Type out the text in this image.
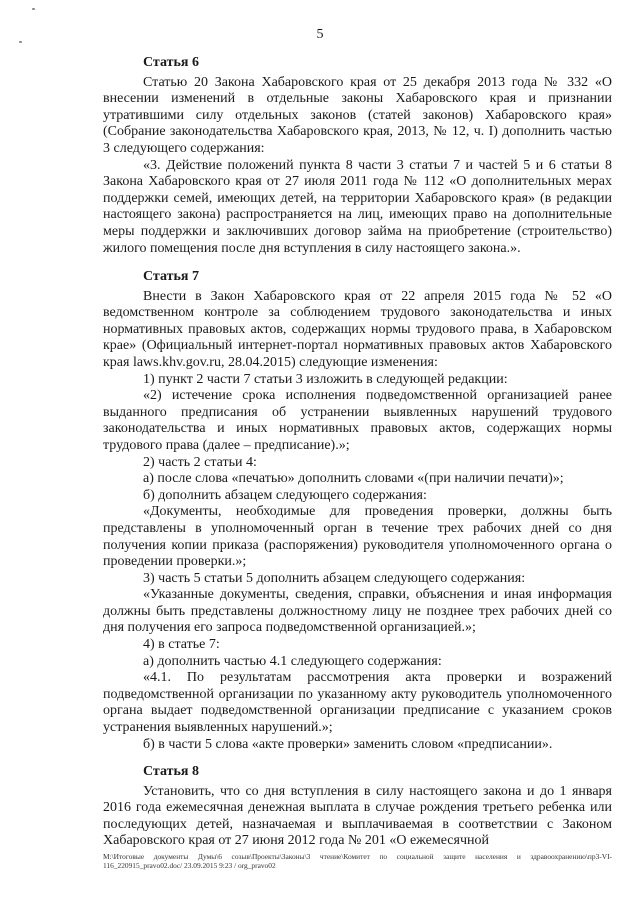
5

Статья 6

Статью 20 Закона Хабаровского края от 25 декабря 2013 года № 332 «О внесении изменений в отдельные законы Хабаровского края и признании утратившими силу отдельных законов (статей законов) Хабаровского края» (Собрание законодательства Хабаровского края, 2013, № 12, ч. I) дополнить частью 3 следующего содержания:

«3. Действие положений пункта 8 части 3 статьи 7 и частей 5 и 6 статьи 8 Закона Хабаровского края от 27 июля 2011 года № 112 «О дополнительных мерах поддержки семей, имеющих детей, на территории Хабаровского края» (в редакции настоящего закона) распространяется на лиц, имеющих право на дополнительные меры поддержки и заключивших договор займа на приобретение (строительство) жилого помещения после дня вступления в силу настоящего закона.».

Статья 7

Внести в Закон Хабаровского края от 22 апреля 2015 года № 52 «О ведомственном контроле за соблюдением трудового законодательства и иных нормативных правовых актов, содержащих нормы трудового права, в Хабаровском крае» (Официальный интернет-портал нормативных правовых актов Хабаровского края laws.khv.gov.ru, 28.04.2015) следующие изменения:

1) пункт 2 части 7 статьи 3 изложить в следующей редакции:

«2) истечение срока исполнения подведомственной организацией ранее выданного предписания об устранении выявленных нарушений трудового законодательства и иных нормативных правовых актов, содержащих нормы трудового права (далее – предписание).»;

2) часть 2 статьи 4:

а) после слова «печатью» дополнить словами «(при наличии печати)»;

б) дополнить абзацем следующего содержания:

«Документы, необходимые для проведения проверки, должны быть представлены в уполномоченный орган в течение трех рабочих дней со дня получения копии приказа (распоряжения) руководителя уполномоченного органа о проведении проверки.»;

3) часть 5 статьи 5 дополнить абзацем следующего содержания:

«Указанные документы, сведения, справки, объяснения и иная информация должны быть представлены должностному лицу не позднее трех рабочих дней со дня получения его запроса подведомственной организацией.»;

4) в статье 7:

а) дополнить частью 4.1 следующего содержания:

«4.1. По результатам рассмотрения акта проверки и возражений подведомственной организации по указанному акту руководитель уполномоченного органа выдает подведомственной организации предписание с указанием сроков устранения выявленных нарушений.»;

б) в части 5 слова «акте проверки» заменить словом «предписании».

Статья 8

Установить, что со дня вступления в силу настоящего закона и до 1 января 2016 года ежемесячная денежная выплата в случае рождения третьего ребенка или последующих детей, назначаемая и выплачиваемая в соответствии с Законом Хабаровского края от 27 июня 2012 года № 201 «О ежемесячной

M:\Итоговые документы Думы\6 созыв\Проекты\Законы\3 чтение\Комитет по социальной защите населения и здравоохранению\пр3-VI-116_220915_pravo02.doc/ 23.09.2015 9:23 / org_pravo02
